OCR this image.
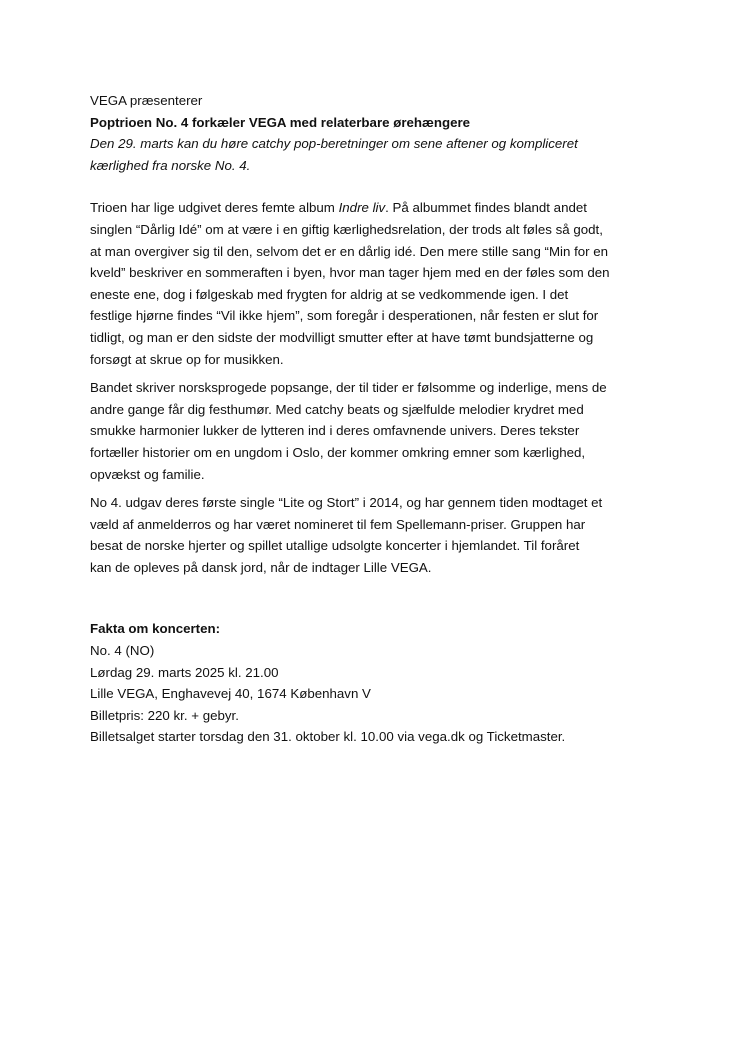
VEGA præsenterer
Poptrioen No. 4 forkæler VEGA med relaterbare ørehængere
Den 29. marts kan du høre catchy pop-beretninger om sene aftener og kompliceret
kærlighed fra norske No. 4.
Trioen har lige udgivet deres femte album Indre liv. På albummet findes blandt andet
singlen “Dårlig Idé” om at være i en giftig kærlighedsrelation, der trods alt føles så godt,
at man overgiver sig til den, selvom det er en dårlig idé. Den mere stille sang “Min for en
kveld” beskriver en sommeraften i byen, hvor man tager hjem med en der føles som den
eneste ene, dog i følgeskab med frygten for aldrig at se vedkommende igen. I det
festlige hjørne findes “Vil ikke hjem”, som foregår i desperationen, når festen er slut for
tidligt, og man er den sidste der modvilligt smutter efter at have tømt bundsjatterne og
forsøgt at skrue op for musikken.
Bandet skriver norsksprogede popsange, der til tider er følsomme og inderlige, mens de
andre gange får dig festhumør. Med catchy beats og sjælfulde melodier krydret med
smukke harmonier lukker de lytteren ind i deres omfavnende univers. Deres tekster
fortæller historier om en ungdom i Oslo, der kommer omkring emner som kærlighed,
opvækst og familie.
No 4. udgav deres første single “Lite og Stort” i 2014, og har gennem tiden modtaget et
væld af anmelderros og har været nomineret til fem Spellemann-priser. Gruppen har
besat de norske hjerter og spillet utallige udsolgte koncerter i hjemlandet. Til foråret
kan de opleves på dansk jord, når de indtager Lille VEGA.
Fakta om koncerten:
No. 4 (NO)
Lørdag 29. marts 2025 kl. 21.00
Lille VEGA, Enghavevej 40, 1674 København V
Billetpris: 220 kr. + gebyr.
Billetsalget starter torsdag den 31. oktober kl. 10.00 via vega.dk og Ticketmaster.
